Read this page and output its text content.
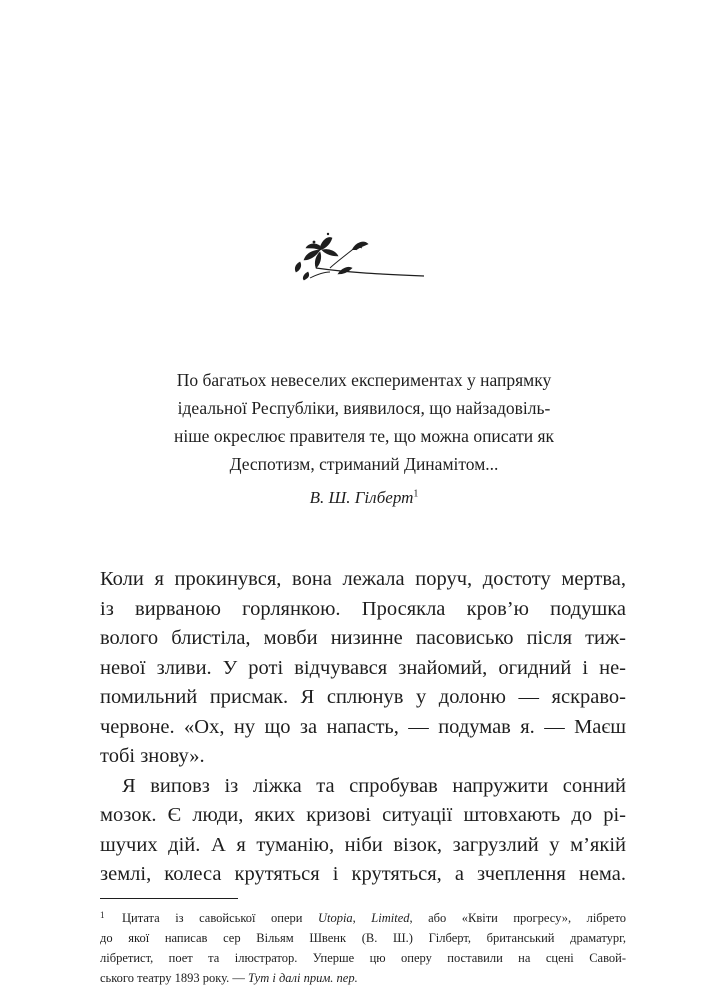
По багатьох невеселих експериментах у напрямку
ідеальної Республіки, виявилося, що найзадовіль-
ніше окреслює правителя те, що можна описати як
Деспотизм, стриманий Динамітом...
В. Ш. Гілберт$^1$
Коли я прокинувся, вона лежала поруч, достоту мертва,
із вирваною горлянкою. Просякла кров’ю подушка
волого блистіла, мовби низинне пасовисько після тиж-
невої зливи. У роті відчувався знайомий, огидний і не-
помильний присмак. Я сплюнув у долоню — яскраво-
червоне. «Ох, ну що за напасть, — подумав я. — Маєш
тобі знову».
Я виповз із ліжка та спробував напружити сонний
мозок. Є люди, яких кризові ситуації штовхають до рі-
шучих дій. А я туманію, ніби візок, загрузлий у м’якій
землі, колеса крутяться і крутяться, а зчеплення нема.
1	Цитата із савойської опери Utopia, Limited, або «Квіти прогресу», лібрето
до якої написав сер Вільям Швенк (В. Ш.) Гілберт, британський драматург,
лібретист, поет та ілюстратор. Уперше цю оперу поставили на сцені Савой-
ського театру 1893 року. — Тут і далі прим. пер.
